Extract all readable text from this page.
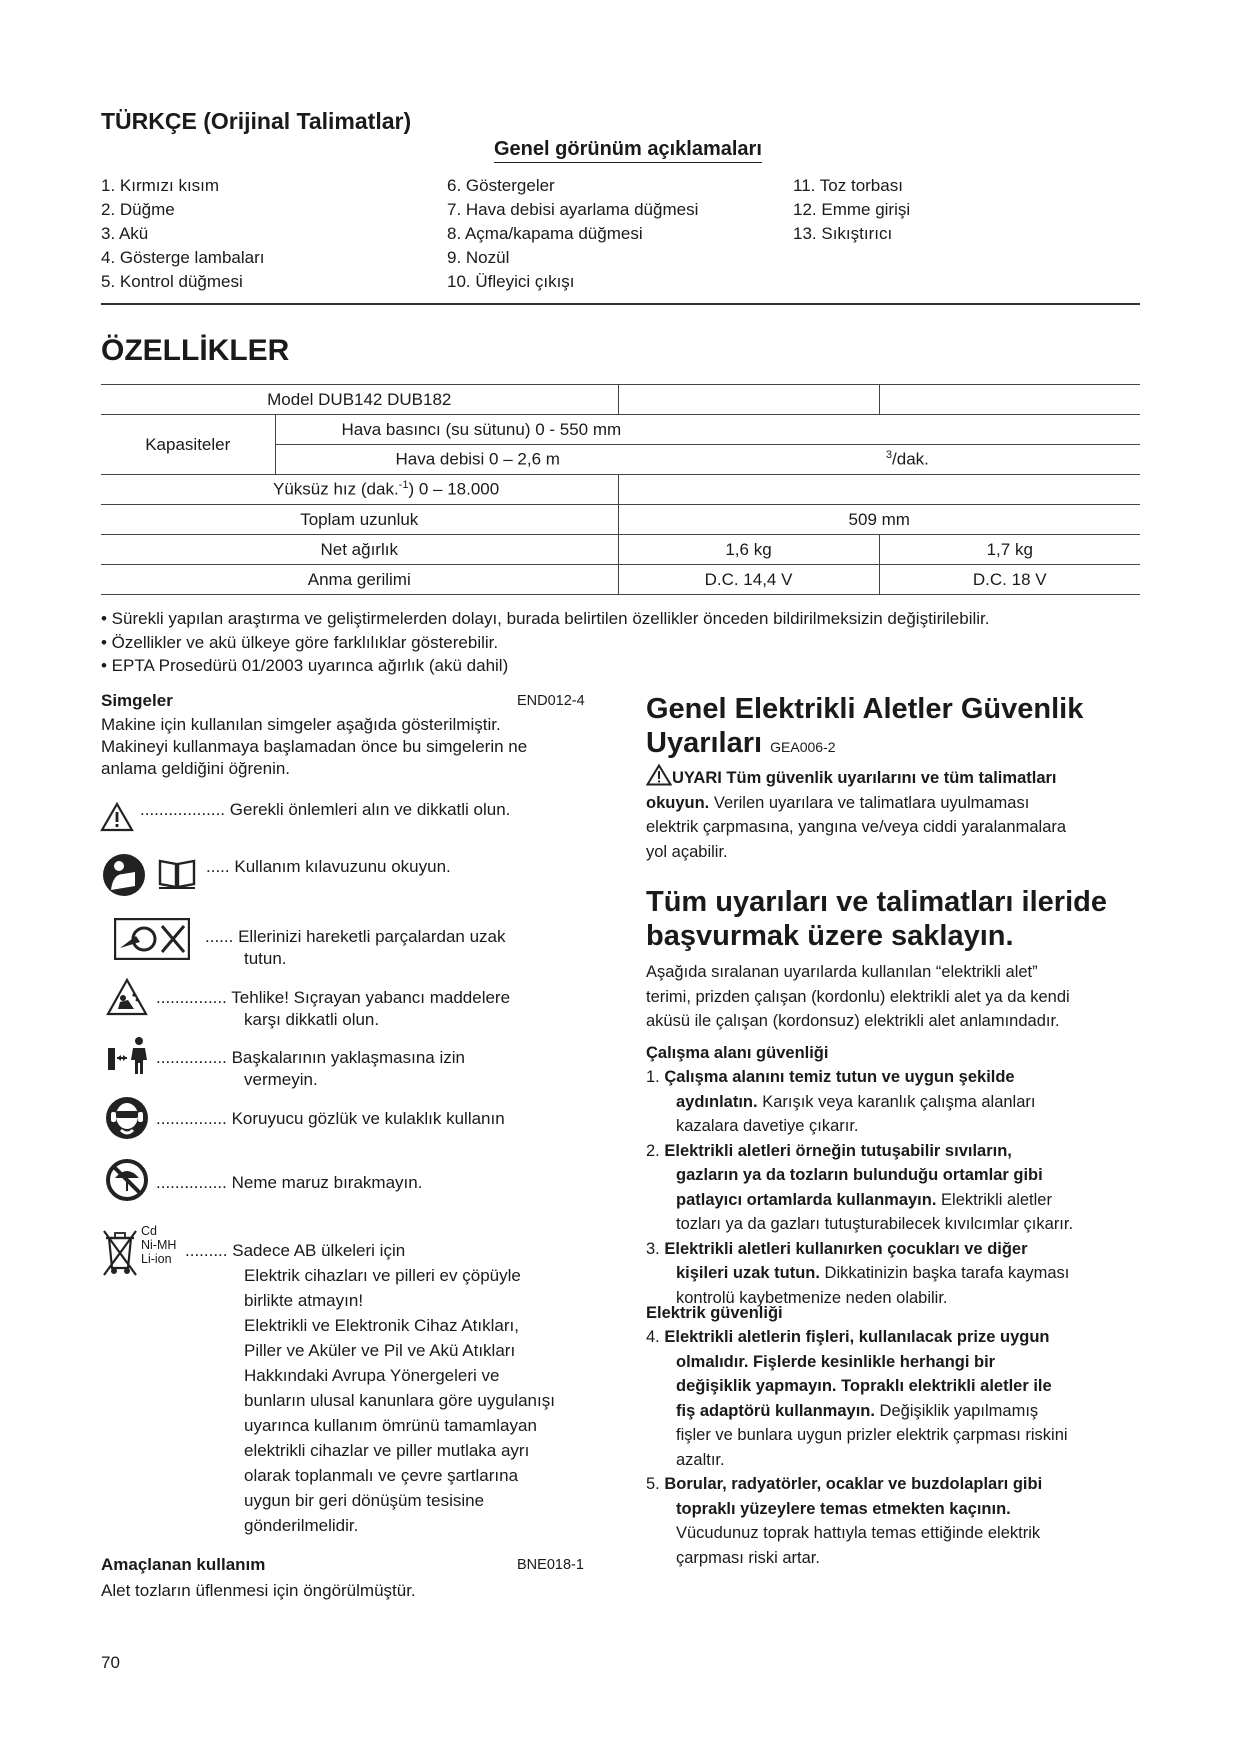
TÜRKÇE (Orijinal Talimatlar)
Genel görünüm açıklamaları
1. Kırmızı kısım
2. Düğme
3. Akü
4. Gösterge lambaları
5. Kontrol düğmesi
6. Göstergeler
7. Hava debisi ayarlama düğmesi
8. Açma/kapama düğmesi
9. Nozül
10. Üfleyici çıkışı
11. Toz torbası
12. Emme girişi
13. Sıkıştırıcı
ÖZELLİKLER
Model DUB142 DUB182			
Kapasiteler	Hava basıncı (su sütunu) 0 - 550 mm		
	Hava debisi 0 – 2,6 m $^3$/dak.		
Yüksüz hız (dak.$^{-1}$) 0 – 18.000			
Toplam uzunluk		509 mm	
Net ağırlık		1,6 kg	1,7 kg
Anma gerilimi		D.C. 14,4 V	D.C. 18 V
• Sürekli yapılan araştırma ve geliştirmelerden dolayı, burada belirtilen özellikler önceden bildirilmeksizin değiştirilebilir.
• Özellikler ve akü ülkeye göre farklılıklar gösterebilir.
• EPTA Prosedürü 01/2003 uyarınca ağırlık (akü dahil)
Simgeler	END012-4
Makine için kullanılan simgeler aşağıda gösterilmiştir.
Makineyi kullanmaya başlamadan önce bu simgelerin ne
anlama geldiğini öğrenin.
.................. Gerekli önlemleri alın ve dikkatli olun.
..... Kullanım kılavuzunu okuyun.
...... Ellerinizi hareketli parçalardan uzak
tutun.
............... Tehlike! Sıçrayan yabancı maddelere
karşı dikkatli olun.
............... Başkalarının yaklaşmasına izin
vermeyin.
............... Koruyucu gözlük ve kulaklık kullanın
............... Neme maruz bırakmayın.
Cd
Ni-MH
Li-ion ......... Sadece AB ülkeleri için
Elektrik cihazları ve pilleri ev çöpüyle
birlikte atmayın!
Elektrikli ve Elektronik Cihaz Atıkları,
Piller ve Aküler ve Pil ve Akü Atıkları
Hakkındaki Avrupa Yönergeleri ve
bunların ulusal kanunlara göre uygulanışı
uyarınca kullanım ömrünü tamamlayan
elektrikli cihazlar ve piller mutlaka ayrı
olarak toplanmalı ve çevre şartlarına
uygun bir geri dönüşüm tesisine
gönderilmelidir.
Amaçlanan kullanım	BNE018-1
Alet tozların üflenmesi için öngörülmüştür.
Genel Elektrikli Aletler Güvenlik
Uyarıları GEA006-2
UYARI Tüm güvenlik uyarılarını ve tüm talimatları
okuyun. Verilen uyarılara ve talimatlara uyulmaması
elektrik çarpmasına, yangına ve/veya ciddi yaralanmalara
yol açabilir.
Tüm uyarıları ve talimatları ileride
başvurmak üzere saklayın.
Aşağıda sıralanan uyarılarda kullanılan “elektrikli alet”
terimi, prizden çalışan (kordonlu) elektrikli alet ya da kendi
aküsü ile çalışan (kordonsuz) elektrikli alet anlamındadır.
Çalışma alanı güvenliği
1. Çalışma alanını temiz tutun ve uygun şekilde
aydınlatın. Karışık veya karanlık çalışma alanları
kazalara davetiye çıkarır.
2. Elektrikli aletleri örneğin tutuşabilir sıvıların,
gazların ya da tozların bulunduğu ortamlar gibi
patlayıcı ortamlarda kullanmayın. Elektrikli aletler
tozları ya da gazları tutuşturabilecek kıvılcımlar çıkarır.
3. Elektrikli aletleri kullanırken çocukları ve diğer
kişileri uzak tutun. Dikkatinizin başka tarafa kayması
kontrolü kaybetmenize neden olabilir.
Elektrik güvenliği
4. Elektrikli aletlerin fişleri, kullanılacak prize uygun
olmalıdır. Fişlerde kesinlikle herhangi bir
değişiklik yapmayın. Topraklı elektrikli aletler ile
fiş adaptörü kullanmayın. Değişiklik yapılmamış
fişler ve bunlara uygun prizler elektrik çarpması riskini
azaltır.
5. Borular, radyatörler, ocaklar ve buzdolapları gibi
topraklı yüzeylere temas etmekten kaçının.
Vücudunuz toprak hattıyla temas ettiğinde elektrik
çarpması riski artar.
70
